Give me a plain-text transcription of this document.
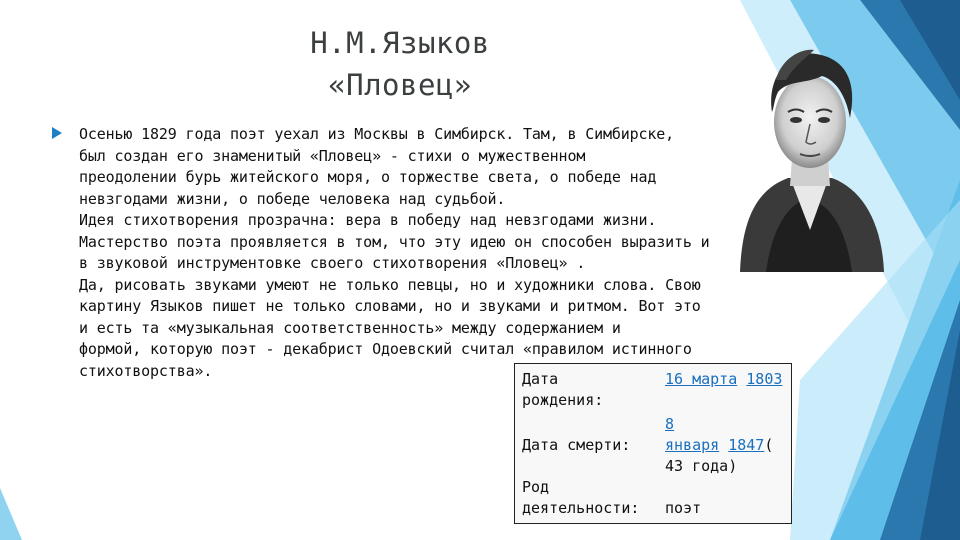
Н.М.Языков
«Пловец»

Осенью 1829 года поэт уехал из Москвы в Симбирск. Там, в Симбирске,

был создан его знаменитый «Пловец» - стихи о мужественном

преодолении бурь житейского моря, о торжестве света, о победе над

невзгодами жизни, о победе человека над судьбой.

Идея стихотворения прозрачна: вера в победу над невзгодами жизни.

Мастерство поэта проявляется в том, что эту идею он способен выразить и

в звуковой инструментовке своего стихотворения «Пловец» .

Да, рисовать звуками умеют не только певцы, но и художники слова. Свою

картину Языков пишет не только словами, но и звуками и ритмом. Вот это

и есть та «музыкальная соответственность» между содержанием и

формой, которую поэт - декабрист Одоевский считал «правилом истинного

стихотворства».	Дата
рождения:
16 марта 1803
Дата смерти:
8
января 1847(
43 года)
Род
деятельности: поэт
